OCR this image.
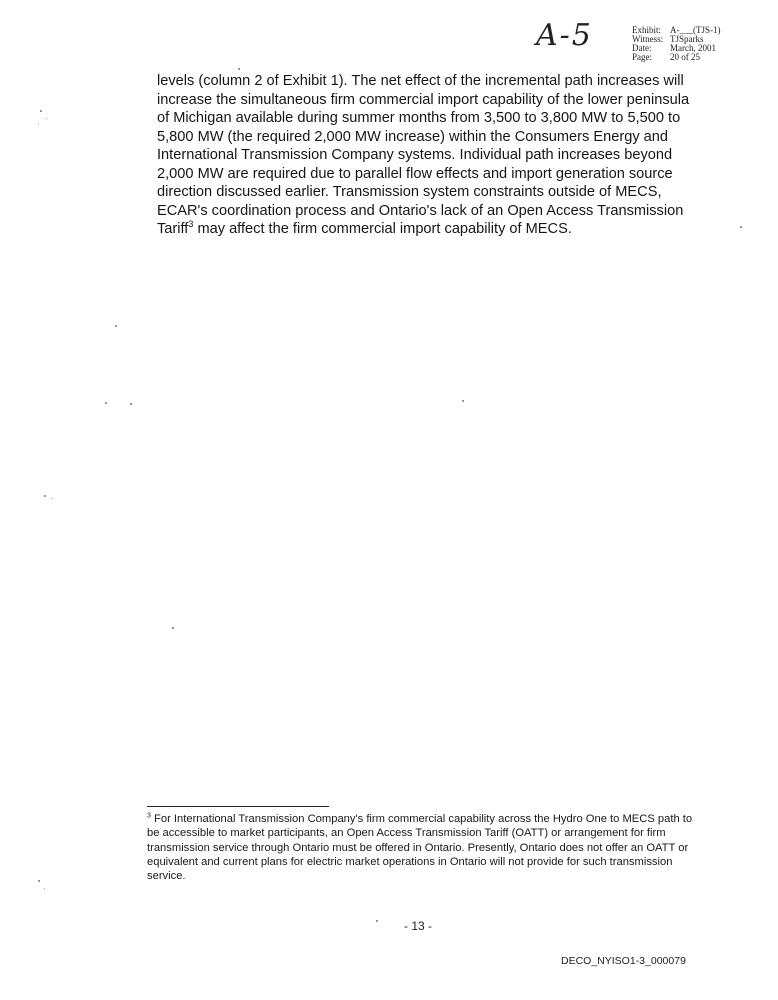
A-5	Exhibit:	A-___(TJS-1)
Witness: TJSparks
Date:	March, 2001
Page:	20 of 25
levels (column 2 of Exhibit 1). The net effect of the incremental path increases will increase the simultaneous firm commercial import capability of the lower peninsula of Michigan available during summer months from 3,500 to 3,800 MW to 5,500 to 5,800 MW (the required 2,000 MW increase) within the Consumers Energy and International Transmission Company systems. Individual path increases beyond 2,000 MW are required due to parallel flow effects and import generation source direction discussed earlier. Transmission system constraints outside of MECS, ECAR's coordination process and Ontario's lack of an Open Access Transmission Tariff$^3$ may affect the firm commercial import capability of MECS.
$^3$ For International Transmission Company's firm commercial capability across the Hydro One to MECS path to be accessible to market participants, an Open Access Transmission Tariff (OATT) or arrangement for firm transmission service through Ontario must be offered in Ontario. Presently, Ontario does not offer an OATT or equivalent and current plans for electric market operations in Ontario will not provide for such transmission service.
- 13 -
DECO_NYISO1-3_000079
